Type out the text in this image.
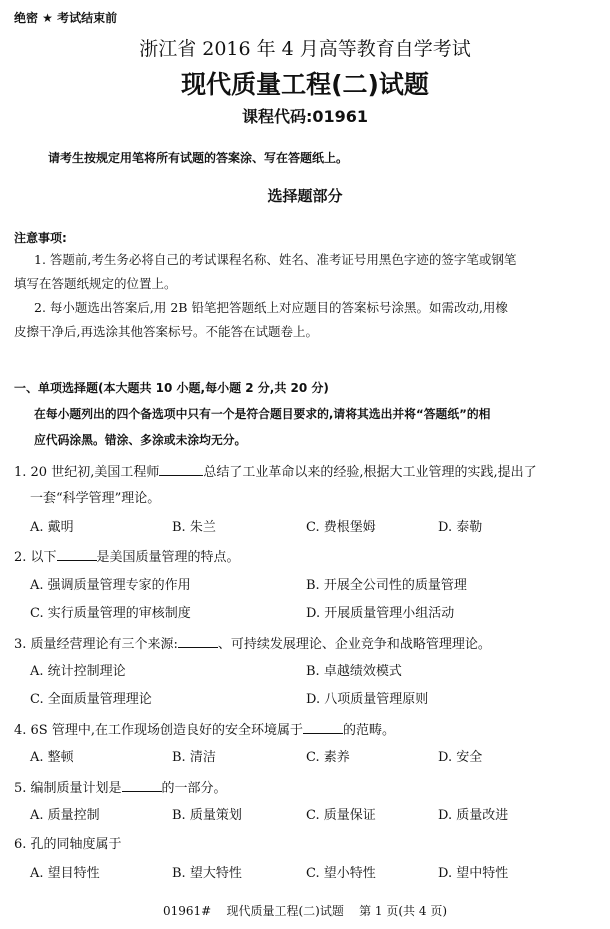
绝密 ★ 考试结束前
浙江省 2016 年 4 月高等教育自学考试
现代质量工程(二)试题
课程代码:01961
请考生按规定用笔将所有试题的答案涂、写在答题纸上。
选择题部分
注意事项:
1. 答题前,考生务必将自己的考试课程名称、姓名、准考证号用黑色字迹的签字笔或钢笔
填写在答题纸规定的位置上。
2. 每小题选出答案后,用 2B 铅笔把答题纸上对应题目的答案标号涂黑。如需改动,用橡
皮擦干净后,再选涂其他答案标号。不能答在试题卷上。
一、单项选择题(本大题共 10 小题,每小题 2 分,共 20 分)
在每小题列出的四个备选项中只有一个是符合题目要求的,请将其选出并将“答题纸”的相
应代码涂黑。错涂、多涂或未涂均无分。
1. 20 世纪初,美国工程师	总结了工业革命以来的经验,根据大工业管理的实践,提出了
一套“科学管理”理论。
A. 戴明	B. 朱兰	C. 费根堡姆	D. 泰勒
2. 以下	是美国质量管理的特点。
A. 强调质量管理专家的作用	B. 开展全公司性的质量管理
C. 实行质量管理的审核制度	D. 开展质量管理小组活动
3. 质量经营理论有三个来源:	、可持续发展理论、企业竞争和战略管理理论。
A. 统计控制理论	B. 卓越绩效模式
C. 全面质量管理理论	D. 八项质量管理原则
4. 6S 管理中,在工作现场创造良好的安全环境属于	的范畴。
A. 整顿	B. 清洁	C. 素养	D. 安全
5. 编制质量计划是	的一部分。
A. 质量控制	B. 质量策划	C. 质量保证	D. 质量改进
6. 孔的同轴度属于
A. 望目特性	B. 望大特性	C. 望小特性	D. 望中特性
01961#    现代质量工程(二)试题    第 1 页(共 4 页)
